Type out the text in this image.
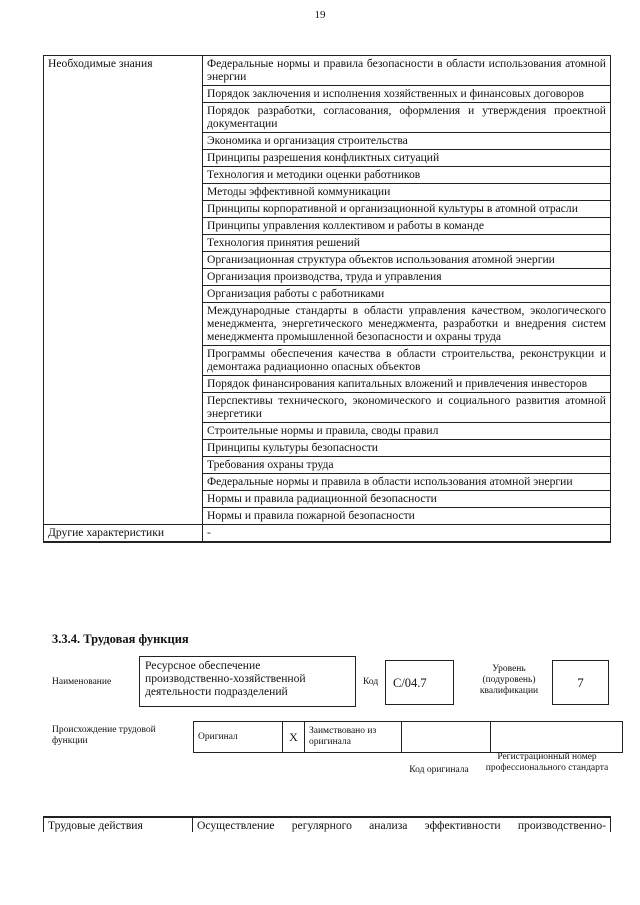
19
Необходимые знания	Федеральные нормы и правила безопасности в области использования атомной энергии
	Порядок заключения и исполнения хозяйственных и финансовых договоров
	Порядок разработки, согласования, оформления и утверждения проектной документации
	Экономика и организация строительства
	Принципы разрешения конфликтных ситуаций
	Технология и методики оценки работников
	Методы эффективной коммуникации
	Принципы корпоративной и организационной культуры в атомной отрасли
	Принципы управления коллективом и работы в команде
	Технология принятия решений
	Организационная структура объектов использования атомной энергии
	Организация производства, труда и управления
	Организация работы с работниками
	Международные стандарты в области управления качеством, экологического менеджмента, энергетического менеджмента, разработки и внедрения систем менеджмента промышленной безопасности и охраны труда
	Программы обеспечения качества в области строительства, реконструкции и демонтажа радиационно опасных объектов
	Порядок финансирования капитальных вложений и привлечения инвесторов
	Перспективы технического, экономического и социального развития атомной энергетики
	Строительные нормы и правила, своды правил
	Принципы культуры безопасности
	Требования охраны труда
	Федеральные нормы и правила в области использования атомной энергии
	Нормы и правила радиационной безопасности
	Нормы и правила пожарной безопасности
Другие характеристики	-
3.3.4. Трудовая функция
Наименование
Ресурсное обеспечение производственно-хозяйственной деятельности подразделений
Код	С/04.7
Уровень (подуровень) квалификации
7
Происхождение трудовой функции	Оригинал	Х	Заимствовано из оригинала		
Код оригинала
Регистрационный номер профессионального стандарта
Трудовые действия	Осуществление регулярного анализа эффективности производственно-
